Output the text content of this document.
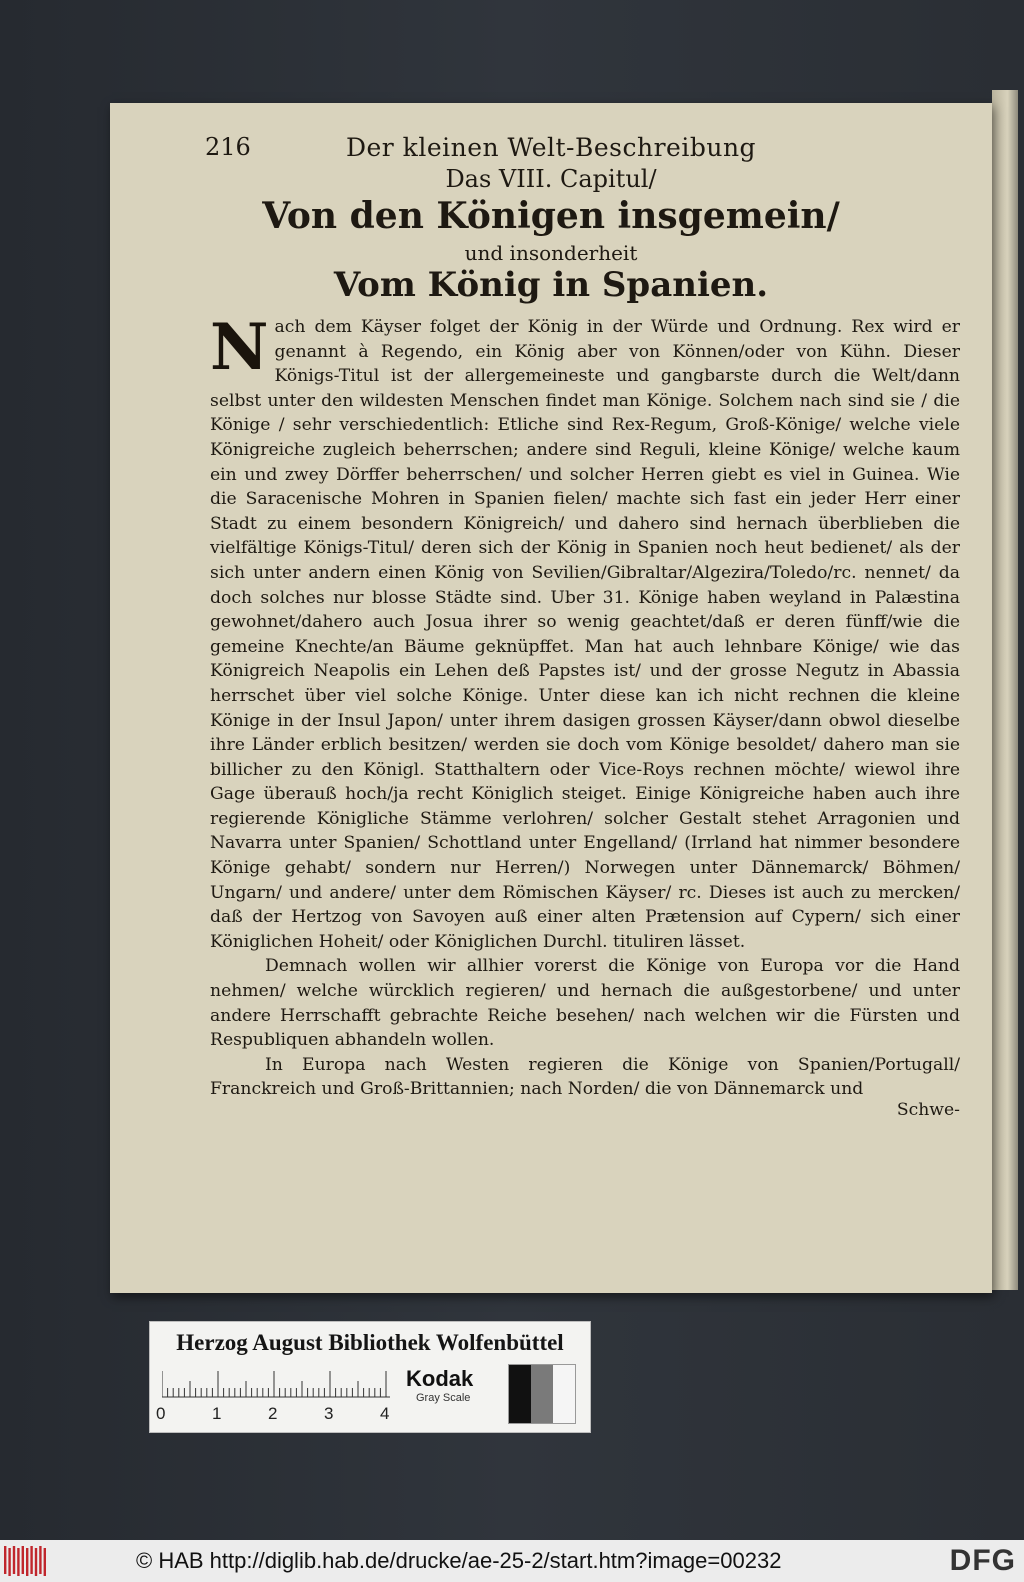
216	Der kleinen Welt-Beschreibung
Das VIII. Capitul/
Von den Königen insgemein/
und insonderheit
Vom König in Spanien.

Nach dem Käyser folget der König in der Würde und Ordnung. Rex wird er genannt à Regendo, ein König aber von Können/oder von Kühn. Dieser Königs-Titul ist der allergemeineste und gangbarste durch die Welt/dann selbst unter den wildesten Menschen findet man Könige. Solchem nach sind sie / die Könige / sehr verschiedentlich: Etliche sind Rex-Regum, Groß-Könige/ welche viele Königreiche zugleich beherrschen; andere sind Reguli, kleine Könige/ welche kaum ein und zwey Dörffer beherrschen/ und solcher Herren giebt es viel in Guinea. Wie die Saracenische Mohren in Spanien fielen/ machte sich fast ein jeder Herr einer Stadt zu einem besondern Königreich/ und dahero sind hernach überblieben die vielfältige Königs-Titul/ deren sich der König in Spanien noch heut bedienet/ als der sich unter andern einen König von Sevilien/Gibraltar/Algezira/Toledo/rc. nennet/ da doch solches nur blosse Städte sind. Uber 31. Könige haben weyland in Palæstina gewohnet/dahero auch Josua ihrer so wenig geachtet/daß er deren fünff/wie die gemeine Knechte/an Bäume geknüpffet. Man hat auch lehnbare Könige/ wie das Königreich Neapolis ein Lehen deß Papstes ist/ und der grosse Negutz in Abassia herrschet über viel solche Könige. Unter diese kan ich nicht rechnen die kleine Könige in der Insul Japon/ unter ihrem dasigen grossen Käyser/dann obwol dieselbe ihre Länder erblich besitzen/ werden sie doch vom Könige besoldet/ dahero man sie billicher zu den Königl. Statthaltern oder Vice-Roys rechnen möchte/ wiewol ihre Gage überauß hoch/ja recht Königlich steiget. Einige Königreiche haben auch ihre regierende Königliche Stämme verlohren/ solcher Gestalt stehet Arragonien und Navarra unter Spanien/ Schottland unter Engelland/ (Irrland hat nimmer besondere Könige gehabt/ sondern nur Herren/) Norwegen unter Dännemarck/ Böhmen/ Ungarn/ und andere/ unter dem Römischen Käyser/ rc. Dieses ist auch zu mercken/ daß der Hertzog von Savoyen auß einer alten Prætension auf Cypern/ sich einer Königlichen Hoheit/ oder Königlichen Durchl. tituliren lässet.

Demnach wollen wir allhier vorerst die Könige von Europa vor die Hand nehmen/ welche würcklich regieren/ und hernach die außgestorbene/ und unter andere Herrschafft gebrachte Reiche besehen/ nach welchen wir die Fürsten und Respubliquen abhandeln wollen.

In Europa nach Westen regieren die Könige von Spanien/Portugall/ Franckreich und Groß-Brittannien; nach Norden/ die von Dännemarck und

Schwe-
Herzog August Bibliothek Wolfenbüttel
0	1	2	3	4
Kodak
Gray Scale
© HAB http://diglib.hab.de/drucke/ae-25-2/start.htm?image=00232	DFG
